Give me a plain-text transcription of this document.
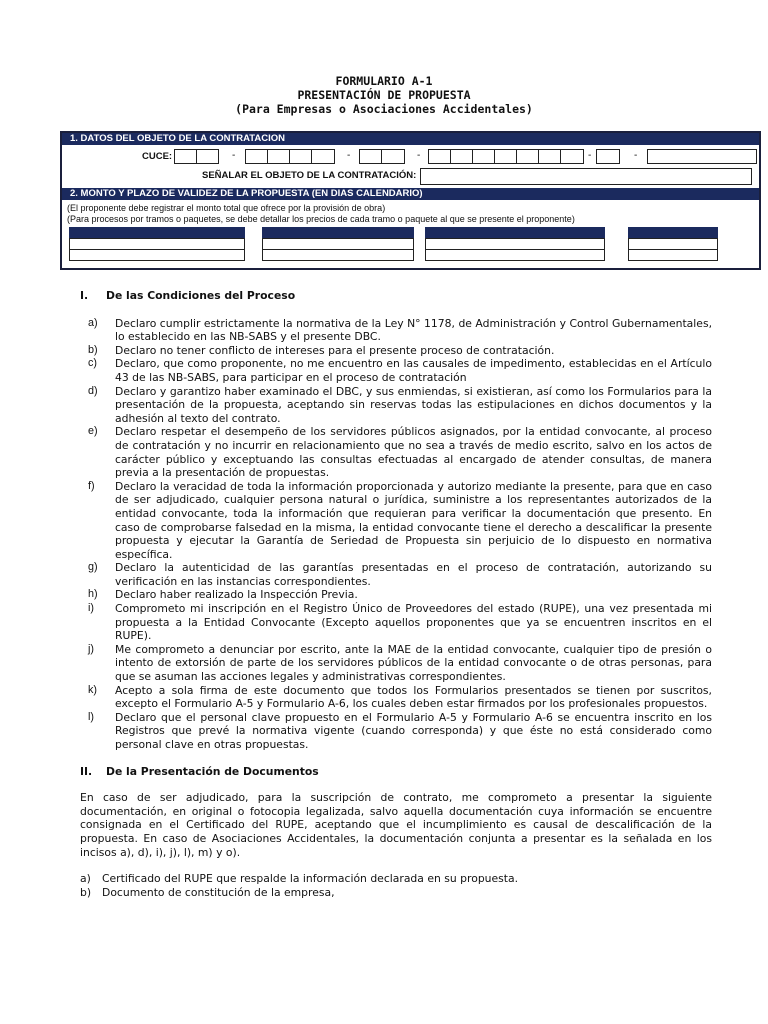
FORMULARIO A-1
PRESENTACIÓN DE PROPUESTA
(Para Empresas o Asociaciones Accidentales)
1. DATOS DEL OBJETO DE LA CONTRATACION
CUCE:	-	-	-	-	-
SEÑALAR EL OBJETO DE LA CONTRATACIÓN:
2. MONTO Y PLAZO DE VALIDEZ DE LA PROPUESTA (EN DIAS CALENDARIO)
(El proponente debe registrar el monto total que ofrece por la provisión de obra)
(Para procesos por tramos o paquetes, se debe detallar los precios de cada tramo o paquete al que se presente el proponente)

I. De las Condiciones del Proceso

a) Declaro cumplir estrictamente la normativa de la Ley N° 1178, de Administración y Control Gubernamentales, lo establecido en las NB-SABS y el presente DBC.
b) Declaro no tener conflicto de intereses para el presente proceso de contratación.
c) Declaro, que como proponente, no me encuentro en las causales de impedimento, establecidas en el Artículo 43 de las NB-SABS, para participar en el proceso de contratación
d) Declaro y garantizo haber examinado el DBC, y sus enmiendas, si existieran, así como los Formularios para la presentación de la propuesta, aceptando sin reservas todas las estipulaciones en dichos documentos y la adhesión al texto del contrato.
e) Declaro respetar el desempeño de los servidores públicos asignados, por la entidad convocante, al proceso de contratación y no incurrir en relacionamiento que no sea a través de medio escrito, salvo en los actos de carácter público y exceptuando las consultas efectuadas al encargado de atender consultas, de manera previa a la presentación de propuestas.
f) Declaro la veracidad de toda la información proporcionada y autorizo mediante la presente, para que en caso de ser adjudicado, cualquier persona natural o jurídica, suministre a los representantes autorizados de la entidad convocante, toda la información que requieran para verificar la documentación que presento. En caso de comprobarse falsedad en la misma, la entidad convocante tiene el derecho a descalificar la presente propuesta y ejecutar la Garantía de Seriedad de Propuesta sin perjuicio de lo dispuesto en normativa específica.
g) Declaro la autenticidad de las garantías presentadas en el proceso de contratación, autorizando su verificación en las instancias correspondientes.
h) Declaro haber realizado la Inspección Previa.
i) Comprometo mi inscripción en el Registro Único de Proveedores del estado (RUPE), una vez presentada mi propuesta a la Entidad Convocante (Excepto aquellos proponentes que ya se encuentren inscritos en el RUPE).
j) Me comprometo a denunciar por escrito, ante la MAE de la entidad convocante, cualquier tipo de presión o intento de extorsión de parte de los servidores públicos de la entidad convocante o de otras personas, para que se asuman las acciones legales y administrativas correspondientes.
k) Acepto a sola firma de este documento que todos los Formularios presentados se tienen por suscritos, excepto el Formulario A-5 y Formulario A-6, los cuales deben estar firmados por los profesionales propuestos.
l) Declaro que el personal clave propuesto en el Formulario A-5 y Formulario A-6 se encuentra inscrito en los Registros que prevé la normativa vigente (cuando corresponda) y que éste no está considerado como personal clave en otras propuestas.

II. De la Presentación de Documentos

En caso de ser adjudicado, para la suscripción de contrato, me comprometo a presentar la siguiente documentación, en original o fotocopia legalizada, salvo aquella documentación cuya información se encuentre consignada en el Certificado del RUPE, aceptando que el incumplimiento es causal de descalificación de la propuesta. En caso de Asociaciones Accidentales, la documentación conjunta a presentar es la señalada en los incisos a), d), i), j), l), m) y o).

a) Certificado del RUPE que respalde la información declarada en su propuesta.
b) Documento de constitución de la empresa,
